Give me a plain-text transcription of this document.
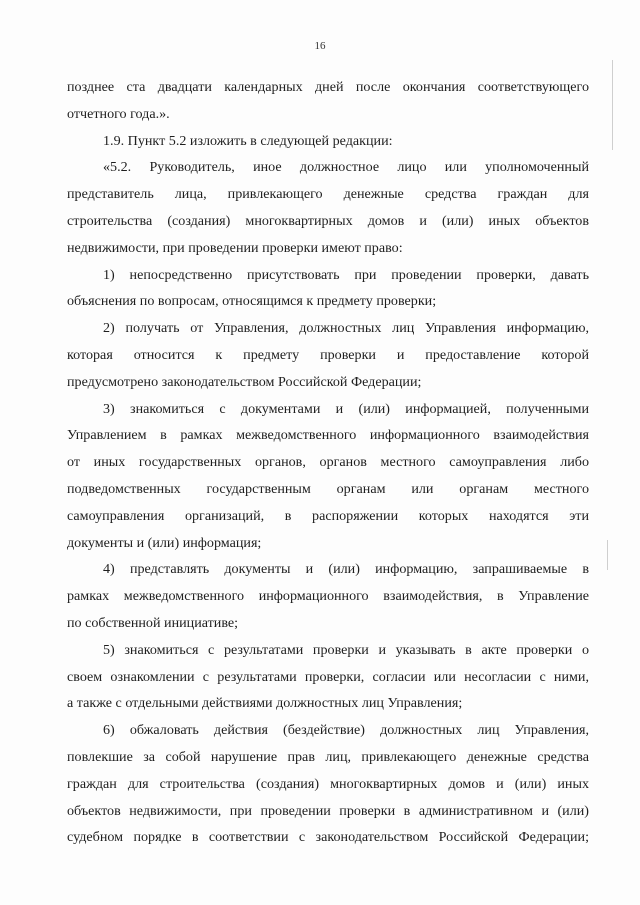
16
позднее ста двадцати календарных дней после окончания соответствующего
отчетного года.».
1.9. Пункт 5.2 изложить в следующей редакции:
«5.2. Руководитель, иное должностное лицо или уполномоченный
представитель лица, привлекающего денежные средства граждан для
строительства (создания) многоквартирных домов и (или) иных объектов
недвижимости, при проведении проверки имеют право:
1) непосредственно присутствовать при проведении проверки, давать
объяснения по вопросам, относящимся к предмету проверки;
2) получать от Управления, должностных лиц Управления информацию,
которая относится к предмету проверки и предоставление которой
предусмотрено законодательством Российской Федерации;
3) знакомиться с документами и (или) информацией, полученными
Управлением в рамках межведомственного информационного взаимодействия
от иных государственных органов, органов местного самоуправления либо
подведомственных государственным органам или органам местного
самоуправления организаций, в распоряжении которых находятся эти
документы и (или) информация;
4) представлять документы и (или) информацию, запрашиваемые в
рамках межведомственного информационного взаимодействия, в Управление
по собственной инициативе;
5) знакомиться с результатами проверки и указывать в акте проверки о
своем ознакомлении с результатами проверки, согласии или несогласии с ними,
а также с отдельными действиями должностных лиц Управления;
6) обжаловать действия (бездействие) должностных лиц Управления,
повлекшие за собой нарушение прав лиц, привлекающего денежные средства
граждан для строительства (создания) многоквартирных домов и (или) иных
объектов недвижимости, при проведении проверки в административном и (или)
судебном порядке в соответствии с законодательством Российской Федерации;
